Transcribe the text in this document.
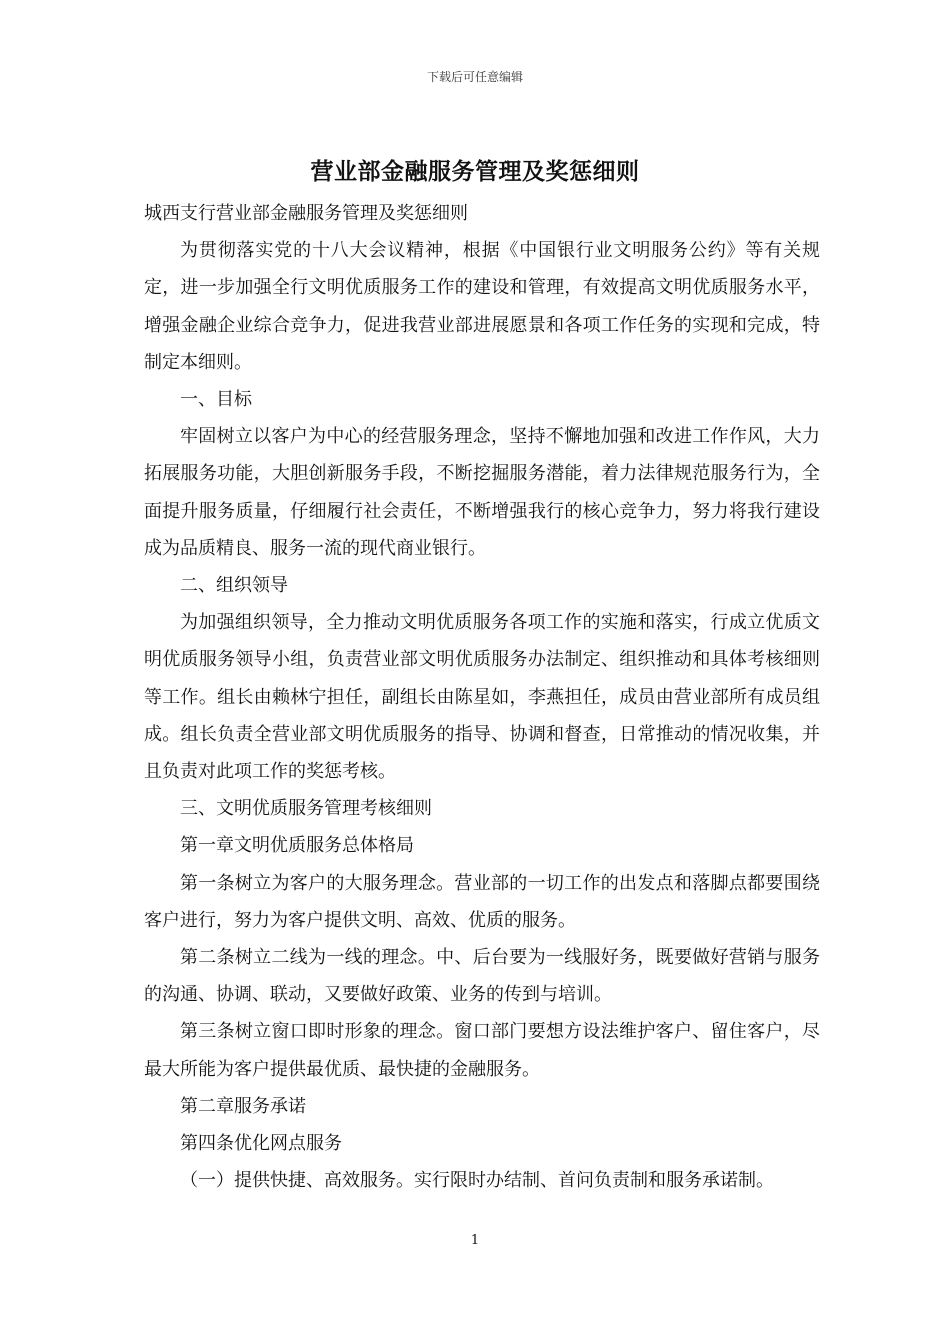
下载后可任意编辑
营业部金融服务管理及奖惩细则

城西支行营业部金融服务管理及奖惩细则

为贯彻落实党的十八大会议精神，根据《中国银行业文明服务公约》等有关规定，进一步加强全行文明优质服务工作的建设和管理，有效提高文明优质服务水平，增强金融企业综合竞争力，促进我营业部进展愿景和各项工作任务的实现和完成，特制定本细则。

一、目标

牢固树立以客户为中心的经营服务理念，坚持不懈地加强和改进工作作风，大力拓展服务功能，大胆创新服务手段，不断挖掘服务潜能，着力法律规范服务行为，全面提升服务质量，仔细履行社会责任，不断增强我行的核心竞争力，努力将我行建设成为品质精良、服务一流的现代商业银行。

二、组织领导

为加强组织领导，全力推动文明优质服务各项工作的实施和落实，行成立优质文明优质服务领导小组，负责营业部文明优质服务办法制定、组织推动和具体考核细则等工作。组长由赖林宁担任，副组长由陈星如，李燕担任，成员由营业部所有成员组成。组长负责全营业部文明优质服务的指导、协调和督查，日常推动的情况收集，并且负责对此项工作的奖惩考核。

三、文明优质服务管理考核细则

第一章文明优质服务总体格局

第一条树立为客户的大服务理念。营业部的一切工作的出发点和落脚点都要围绕客户进行，努力为客户提供文明、高效、优质的服务。

第二条树立二线为一线的理念。中、后台要为一线服好务，既要做好营销与服务的沟通、协调、联动，又要做好政策、业务的传到与培训。

第三条树立窗口即时形象的理念。窗口部门要想方设法维护客户、留住客户，尽最大所能为客户提供最优质、最快捷的金融服务。

第二章服务承诺

第四条优化网点服务

（一）提供快捷、高效服务。实行限时办结制、首问负责制和服务承诺制。

1
